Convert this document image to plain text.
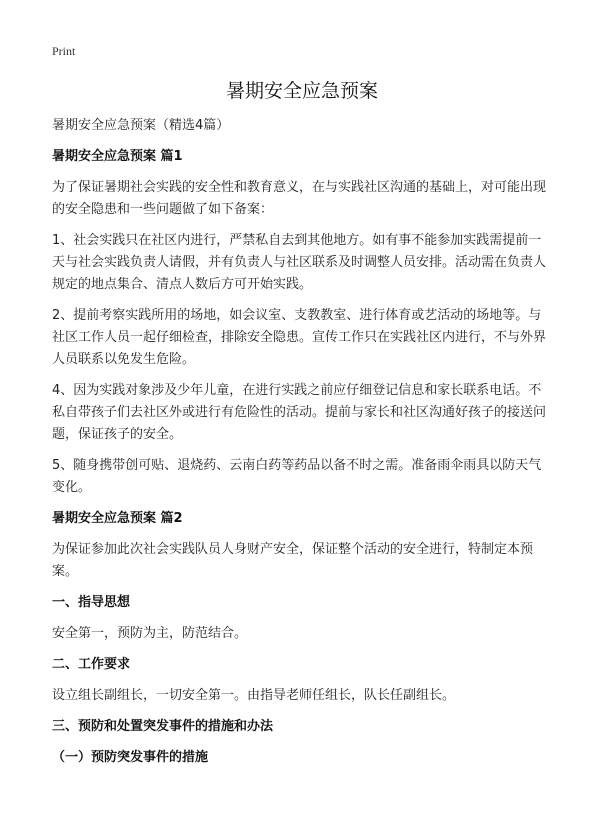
Print
暑期安全应急预案

暑期安全应急预案（精选4篇）

暑期安全应急预案 篇1

为了保证暑期社会实践的安全性和教育意义，在与实践社区沟通的基础上，对可能出现的安全隐患和一些问题做了如下备案：

1、社会实践只在社区内进行，严禁私自去到其他地方。如有事不能参加实践需提前一天与社会实践负责人请假，并有负责人与社区联系及时调整人员安排。活动需在负责人规定的地点集合、清点人数后方可开始实践。

2、提前考察实践所用的场地，如会议室、支教教室、进行体育或艺活动的场地等。与社区工作人员一起仔细检查，排除安全隐患。宣传工作只在实践社区内进行，不与外界人员联系以免发生危险。

4、因为实践对象涉及少年儿童，在进行实践之前应仔细登记信息和家长联系电话。不私自带孩子们去社区外或进行有危险性的活动。提前与家长和社区沟通好孩子的接送问题，保证孩子的安全。

5、随身携带创可贴、退烧药、云南白药等药品以备不时之需。准备雨伞雨具以防天气变化。

暑期安全应急预案 篇2

为保证参加此次社会实践队员人身财产安全，保证整个活动的安全进行，特制定本预案。

一、指导思想

安全第一，预防为主，防范结合。

二、工作要求

设立组长副组长，一切安全第一。由指导老师任组长，队长任副组长。

三、预防和处置突发事件的措施和办法

（一）预防突发事件的措施
